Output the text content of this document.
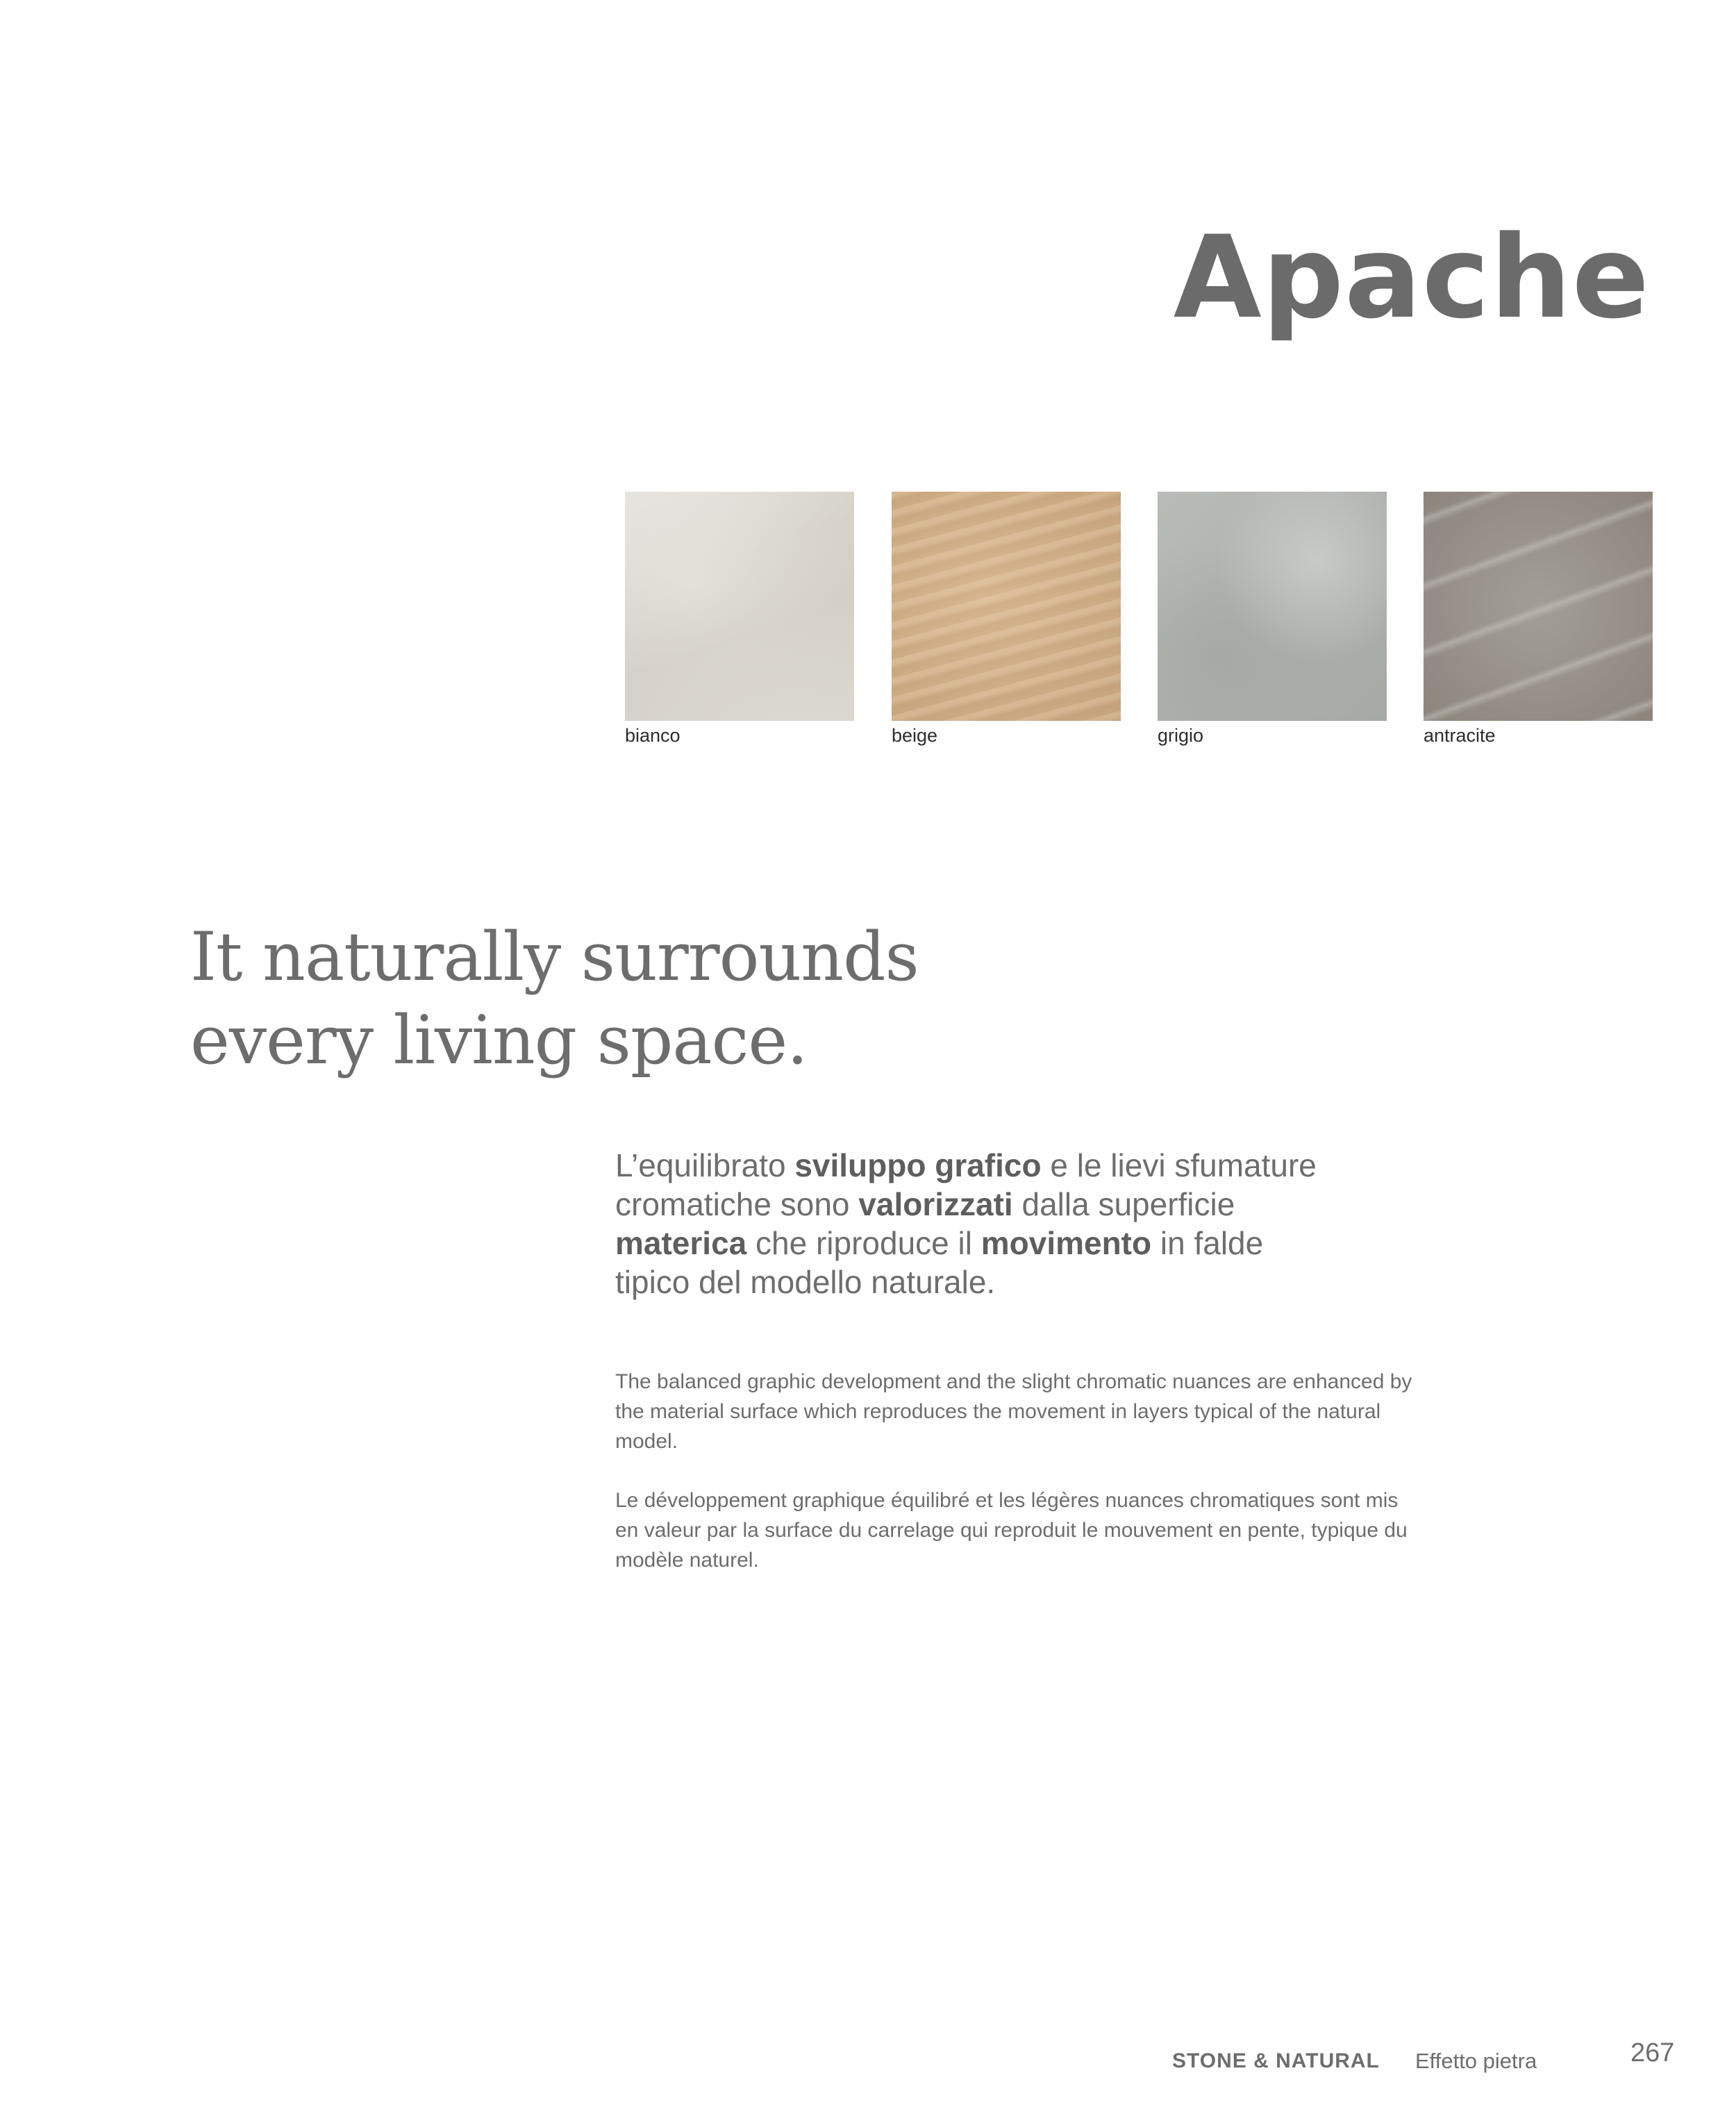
Apache
bianco	beige	grigio	antracite
It naturally surrounds
every living space.

L’equilibrato sviluppo grafico e le lievi sfumature
cromatiche sono valorizzati dalla superficie
materica che riproduce il movimento in falde
tipico del modello naturale.

The balanced graphic development and the slight chromatic nuances are enhanced by
the material surface which reproduces the movement in layers typical of the natural
model.

Le développement graphique équilibré et les légères nuances chromatiques sont mis
en valeur par la surface du carrelage qui reproduit le mouvement en pente, typique du
modèle naturel.

STONE & NATURAL Effetto pietra	267
